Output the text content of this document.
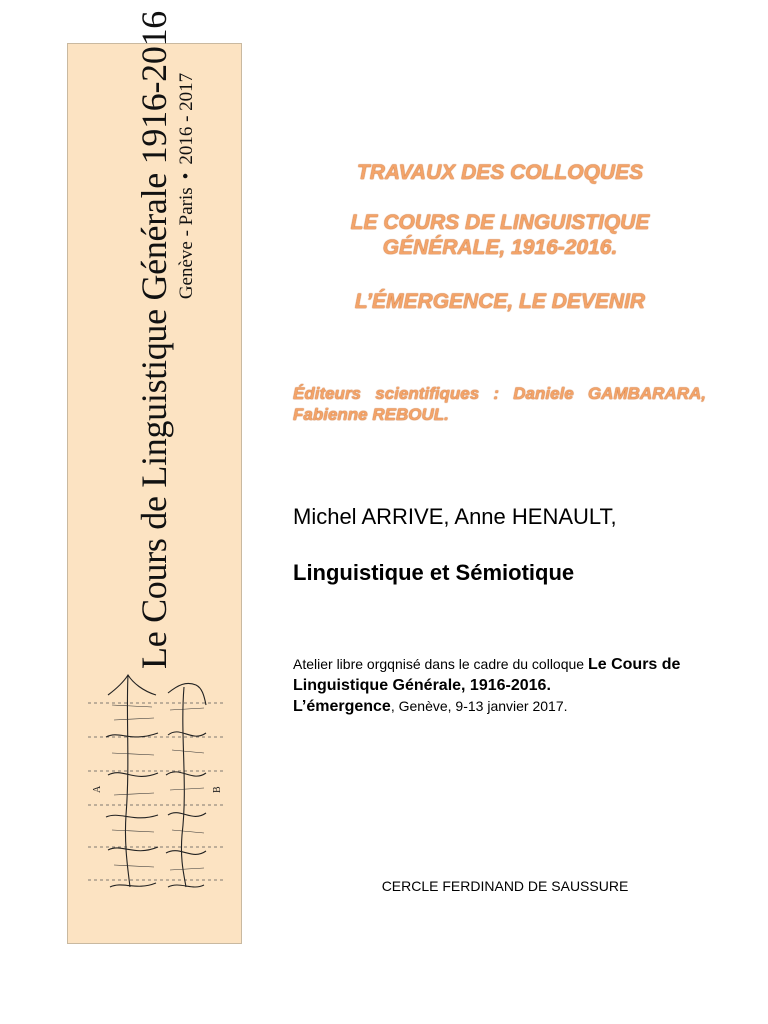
Le Cours de Linguistique Générale 1916-2016 Genève - Paris•2016 - 2017
A	B
TRAVAUX DES COLLOQUES
LE COURS DE LINGUISTIQUE GÉNÉRALE, 1916-2016.
L’ÉMERGENCE, LE DEVENIR
Éditeurs scientifiques : Daniele GAMBARARA, Fabienne REBOUL.
Michel ARRIVE, Anne HENAULT,
Linguistique et Sémiotique
Atelier libre orgqnisé dans le cadre du colloque Le Cours de Linguistique Générale, 1916-2016.
L’émergence, Genève, 9-13 janvier 2017.
CERCLE FERDINAND DE SAUSSURE
